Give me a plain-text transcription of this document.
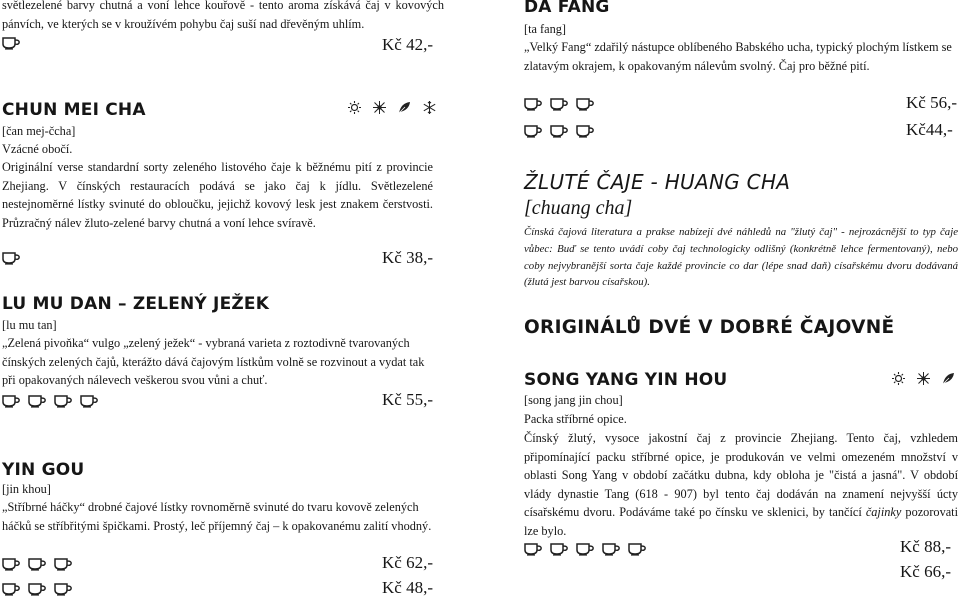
světlezelené barvy chutná a voní lehce kouřově - tento aroma získává čaj v kovových pánvích, ve kterých se v kroužívém pohybu čaj suší nad dřevěným uhlím.

Kč 42,-
CHUN MEI CHA
[čan mej-čcha]
Vzácné obočí.

Originální verse standardní sorty zeleného listového čaje k běžnému pití z provincie Zhejiang. V čínských restauracích podává se jako čaj k jídlu. Světlezelené nestejnoměrné lístky svinuté do obloučku, jejichž kovový lesk jest znakem čerstvosti. Průzračný nálev žluto-zelené barvy chutná a voní lehce svíravě.

Kč 38,-
LU MU DAN – ZELENÝ JEŽEK
[lu mu tan]

„Zelená pivoňka“ vulgo „zelený ježek“ - vybraná varieta z roztodivně tvarovaných čínských zelených čajů, kterážto dává čajovým lístkům volně se rozvinout a vydat tak při opakovaných nálevech veškerou svou vůni a chuť.

Kč 55,-
YIN GOU
[jin khou]

„Stříbrné háčky“ drobné čajové lístky rovnoměrně svinuté do tvaru kovově zelených háčků se stříbřitými špičkami. Prostý, leč příjemný čaj – k opakovanému zalití vhodný.

Kč 62,-
Kč 48,-
DA FANG
[ta fang]

„Velký Fang“ zdařilý nástupce oblíbeného Babského ucha, typický plochým lístkem se zlatavým okrajem, k opakovaným nálevům svolný. Čaj pro běžné pití.

Kč 56,-
Kč44,-
ŽLUTÉ ČAJE - HUANG CHA
[chuang cha]

Čínská čajová literatura a prakse nabízejí dvé náhledů na "žlutý čaj" - nejrozácnější to typ čaje vůbec: Buď se tento uvádí coby čaj technologicky odlišný (konkrétně lehce fermentovaný), nebo coby nejvybranější sorta čaje každé provincie co dar (lépe snad daň) císařskému dvoru dodávaná (žlutá jest barvou císařskou).

ORIGINÁLŮ DVÉ V DOBRÉ ČAJOVNĚ
SONG YANG YIN HOU
[song jang jin chou]
Packa stříbrné opice.

Čínský žlutý, vysoce jakostní čaj z provincie Zhejiang. Tento čaj, vzhledem připomínající packu stříbrné opice, je produkován ve velmi omezeném množství v oblasti Song Yang v období začátku dubna, kdy obloha je "čistá a jasná". V období vlády dynastie Tang (618 - 907) byl tento čaj dodáván na znamení nejvyšší úcty císařskému dvoru. Podáváme také po čínsku ve sklenici, by tančící čajinky pozorovati lze bylo.

Kč 88,-
Kč 66,-
